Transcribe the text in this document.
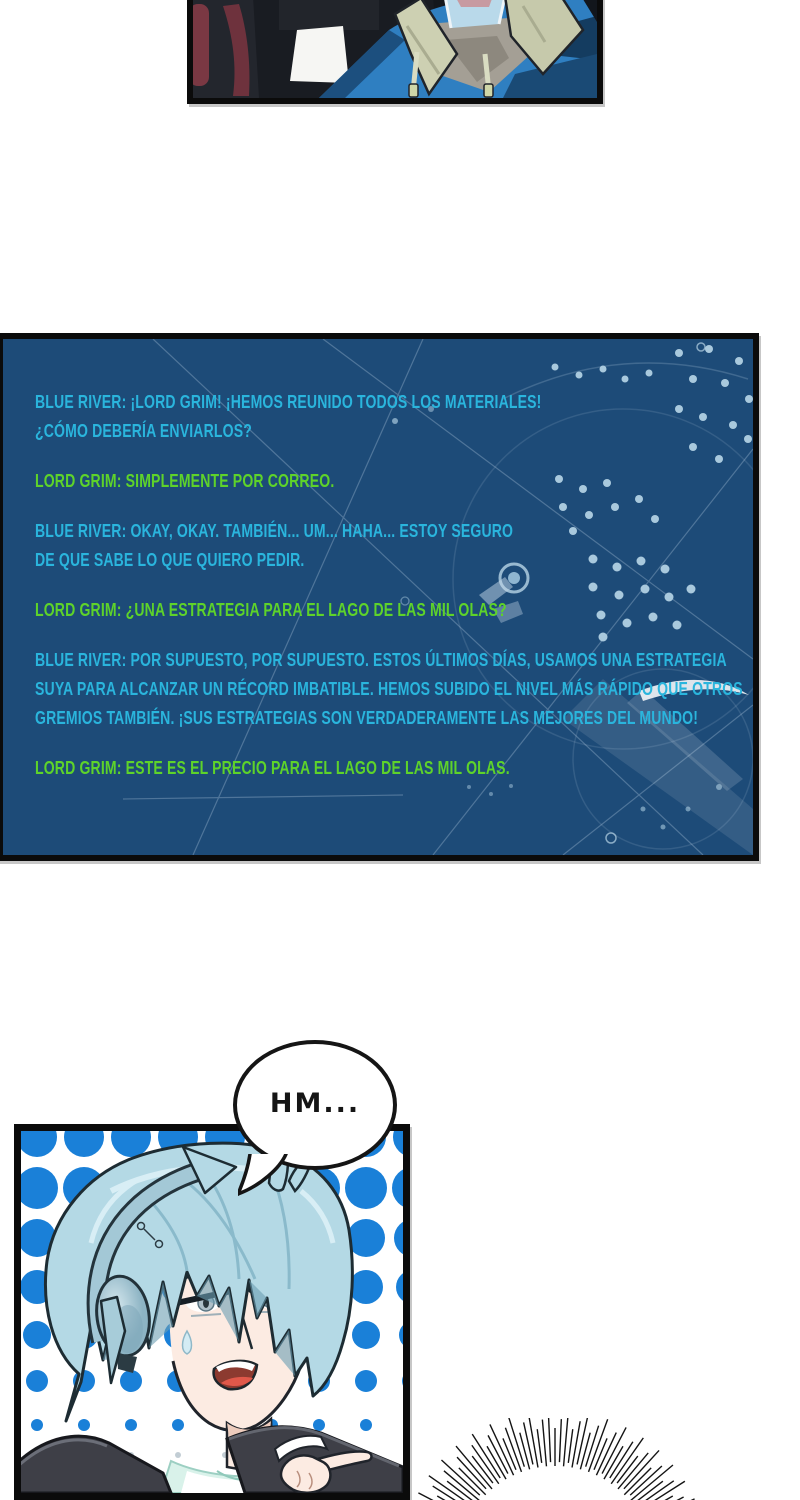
BLUE RIVER: ¡LORD GRIM! ¡HEMOS REUNIDO TODOS LOS MATERIALES!
¿CÓMO DEBERÍA ENVIARLOS?
LORD GRIM: SIMPLEMENTE POR CORREO.
BLUE RIVER: OKAY, OKAY. TAMBIÉN... UM... HAHA... ESTOY SEGURO
DE QUE SABE LO QUE QUIERO PEDIR.
LORD GRIM: ¿UNA ESTRATEGIA PARA EL LAGO DE LAS MIL OLAS?
BLUE RIVER: POR SUPUESTO, POR SUPUESTO. ESTOS ÚLTIMOS DÍAS, USAMOS UNA ESTRATEGIA
SUYA PARA ALCANZAR UN RÉCORD IMBATIBLE. HEMOS SUBIDO EL NIVEL MÁS RÁPIDO QUE OTROS
GREMIOS TAMBIÉN. ¡SUS ESTRATEGIAS SON VERDADERAMENTE LAS MEJORES DEL MUNDO!
LORD GRIM: ESTE ES EL PRECIO PARA EL LAGO DE LAS MIL OLAS.
HM...
